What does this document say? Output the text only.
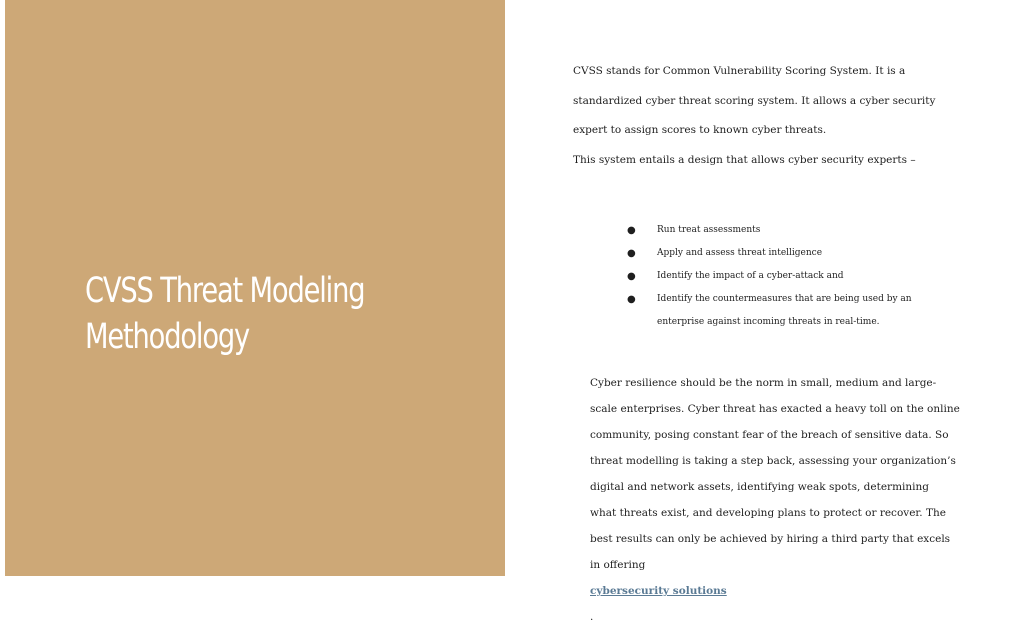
CVSS Threat Modeling
Methodology
CVSS stands for Common Vulnerability Scoring System. It is a
standardized cyber threat scoring system. It allows a cyber security
expert to assign scores to known cyber threats.
This system entails a design that allows cyber security experts –
● Run treat assessments
● Apply and assess threat intelligence
● Identify the impact of a cyber-attack and
● Identify the countermeasures that are being used by an
enterprise against incoming threats in real-time.
Cyber resilience should be the norm in small, medium and large-
scale enterprises. Cyber threat has exacted a heavy toll on the online
community, posing constant fear of the breach of sensitive data. So
threat modelling is taking a step back, assessing your organization’s
digital and network assets, identifying weak spots, determining
what threats exist, and developing plans to protect or recover. The
best results can only be achieved by hiring a third party that excels
in offering
cybersecurity solutions
.
